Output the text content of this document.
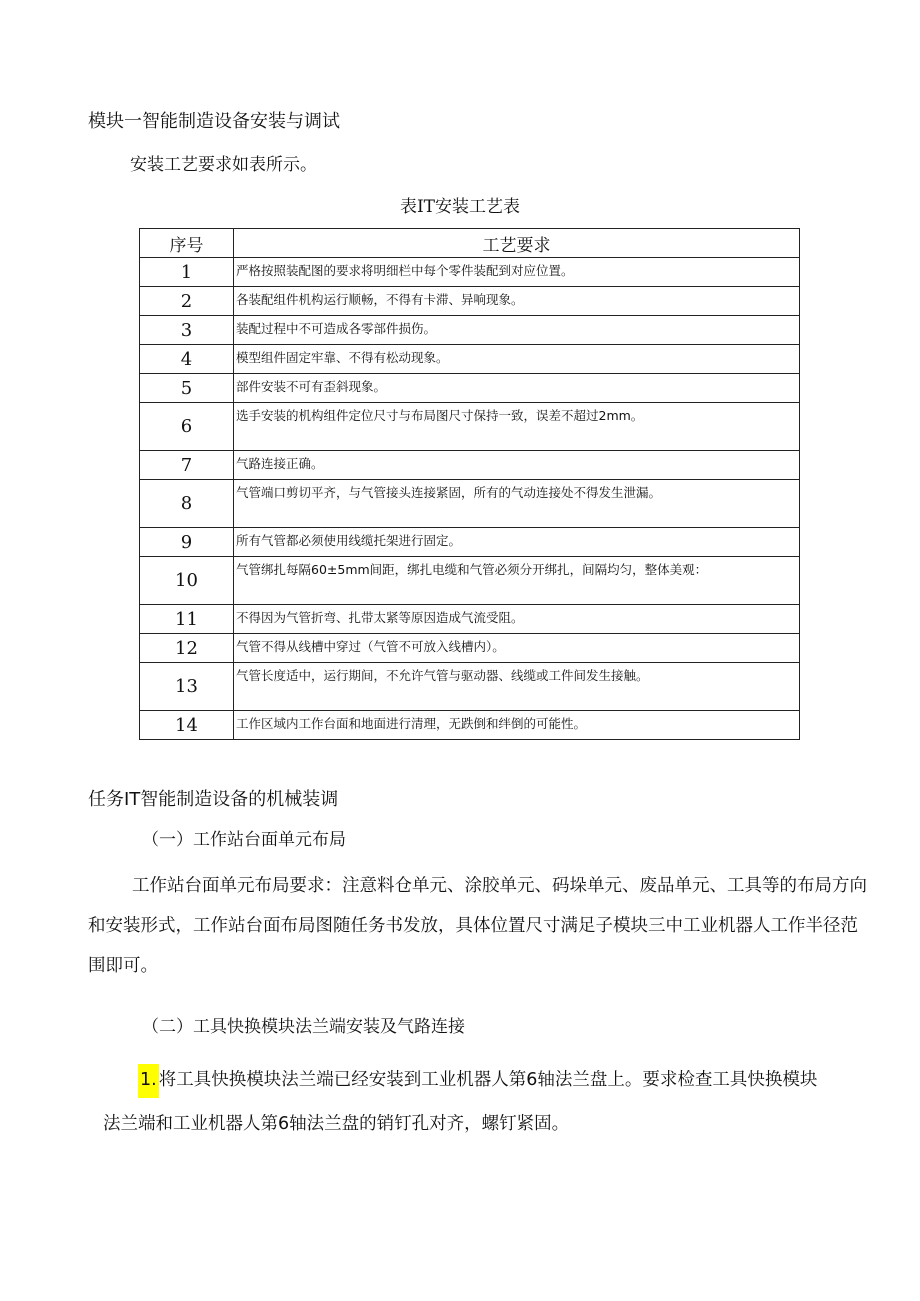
模块一智能制造设备安装与调试
安装工艺要求如表所示。
表IT安装工艺表
序号	工艺要求
1	严格按照装配图的要求将明细栏中每个零件装配到对应位置。
2	各装配组件机构运行顺畅，不得有卡滞、异响现象。
3	装配过程中不可造成各零部件损伤。
4	模型组件固定牢靠、不得有松动现象。
5	部件安装不可有歪斜现象。
6	选手安装的机构组件定位尺寸与布局图尺寸保持一致，误差不超过2mm。
7	气路连接正确。
8	气管端口剪切平齐，与气管接头连接紧固，所有的气动连接处不得发生泄漏。
9	所有气管都必须使用线缆托架进行固定。
10	气管绑扎每隔60±5mm间距，绑扎电缆和气管必须分开绑扎，间隔均匀，整体美观：
11	不得因为气管折弯、扎带太紧等原因造成气流受阻。
12	气管不得从线槽中穿过（气管不可放入线槽内）。
13	气管长度适中，运行期间，不允许气管与驱动器、线缆或工件间发生接触。
14	工作区域内工作台面和地面进行清理，无跌倒和绊倒的可能性。
任务IT智能制造设备的机械装调
（一）工作站台面单元布局
工作站台面单元布局要求：注意料仓单元、涂胶单元、码垛单元、废品单元、工具等的布局方向和安装形式，工作站台面布局图随任务书发放，具体位置尺寸满足子模块三中工业机器人工作半径范围即可。
（二）工具快换模块法兰端安装及气路连接
1. 将工具快换模块法兰端已经安装到工业机器人第6轴法兰盘上。要求检查工具快换模块
法兰端和工业机器人第6轴法兰盘的销钉孔对齐，螺钉紧固。
